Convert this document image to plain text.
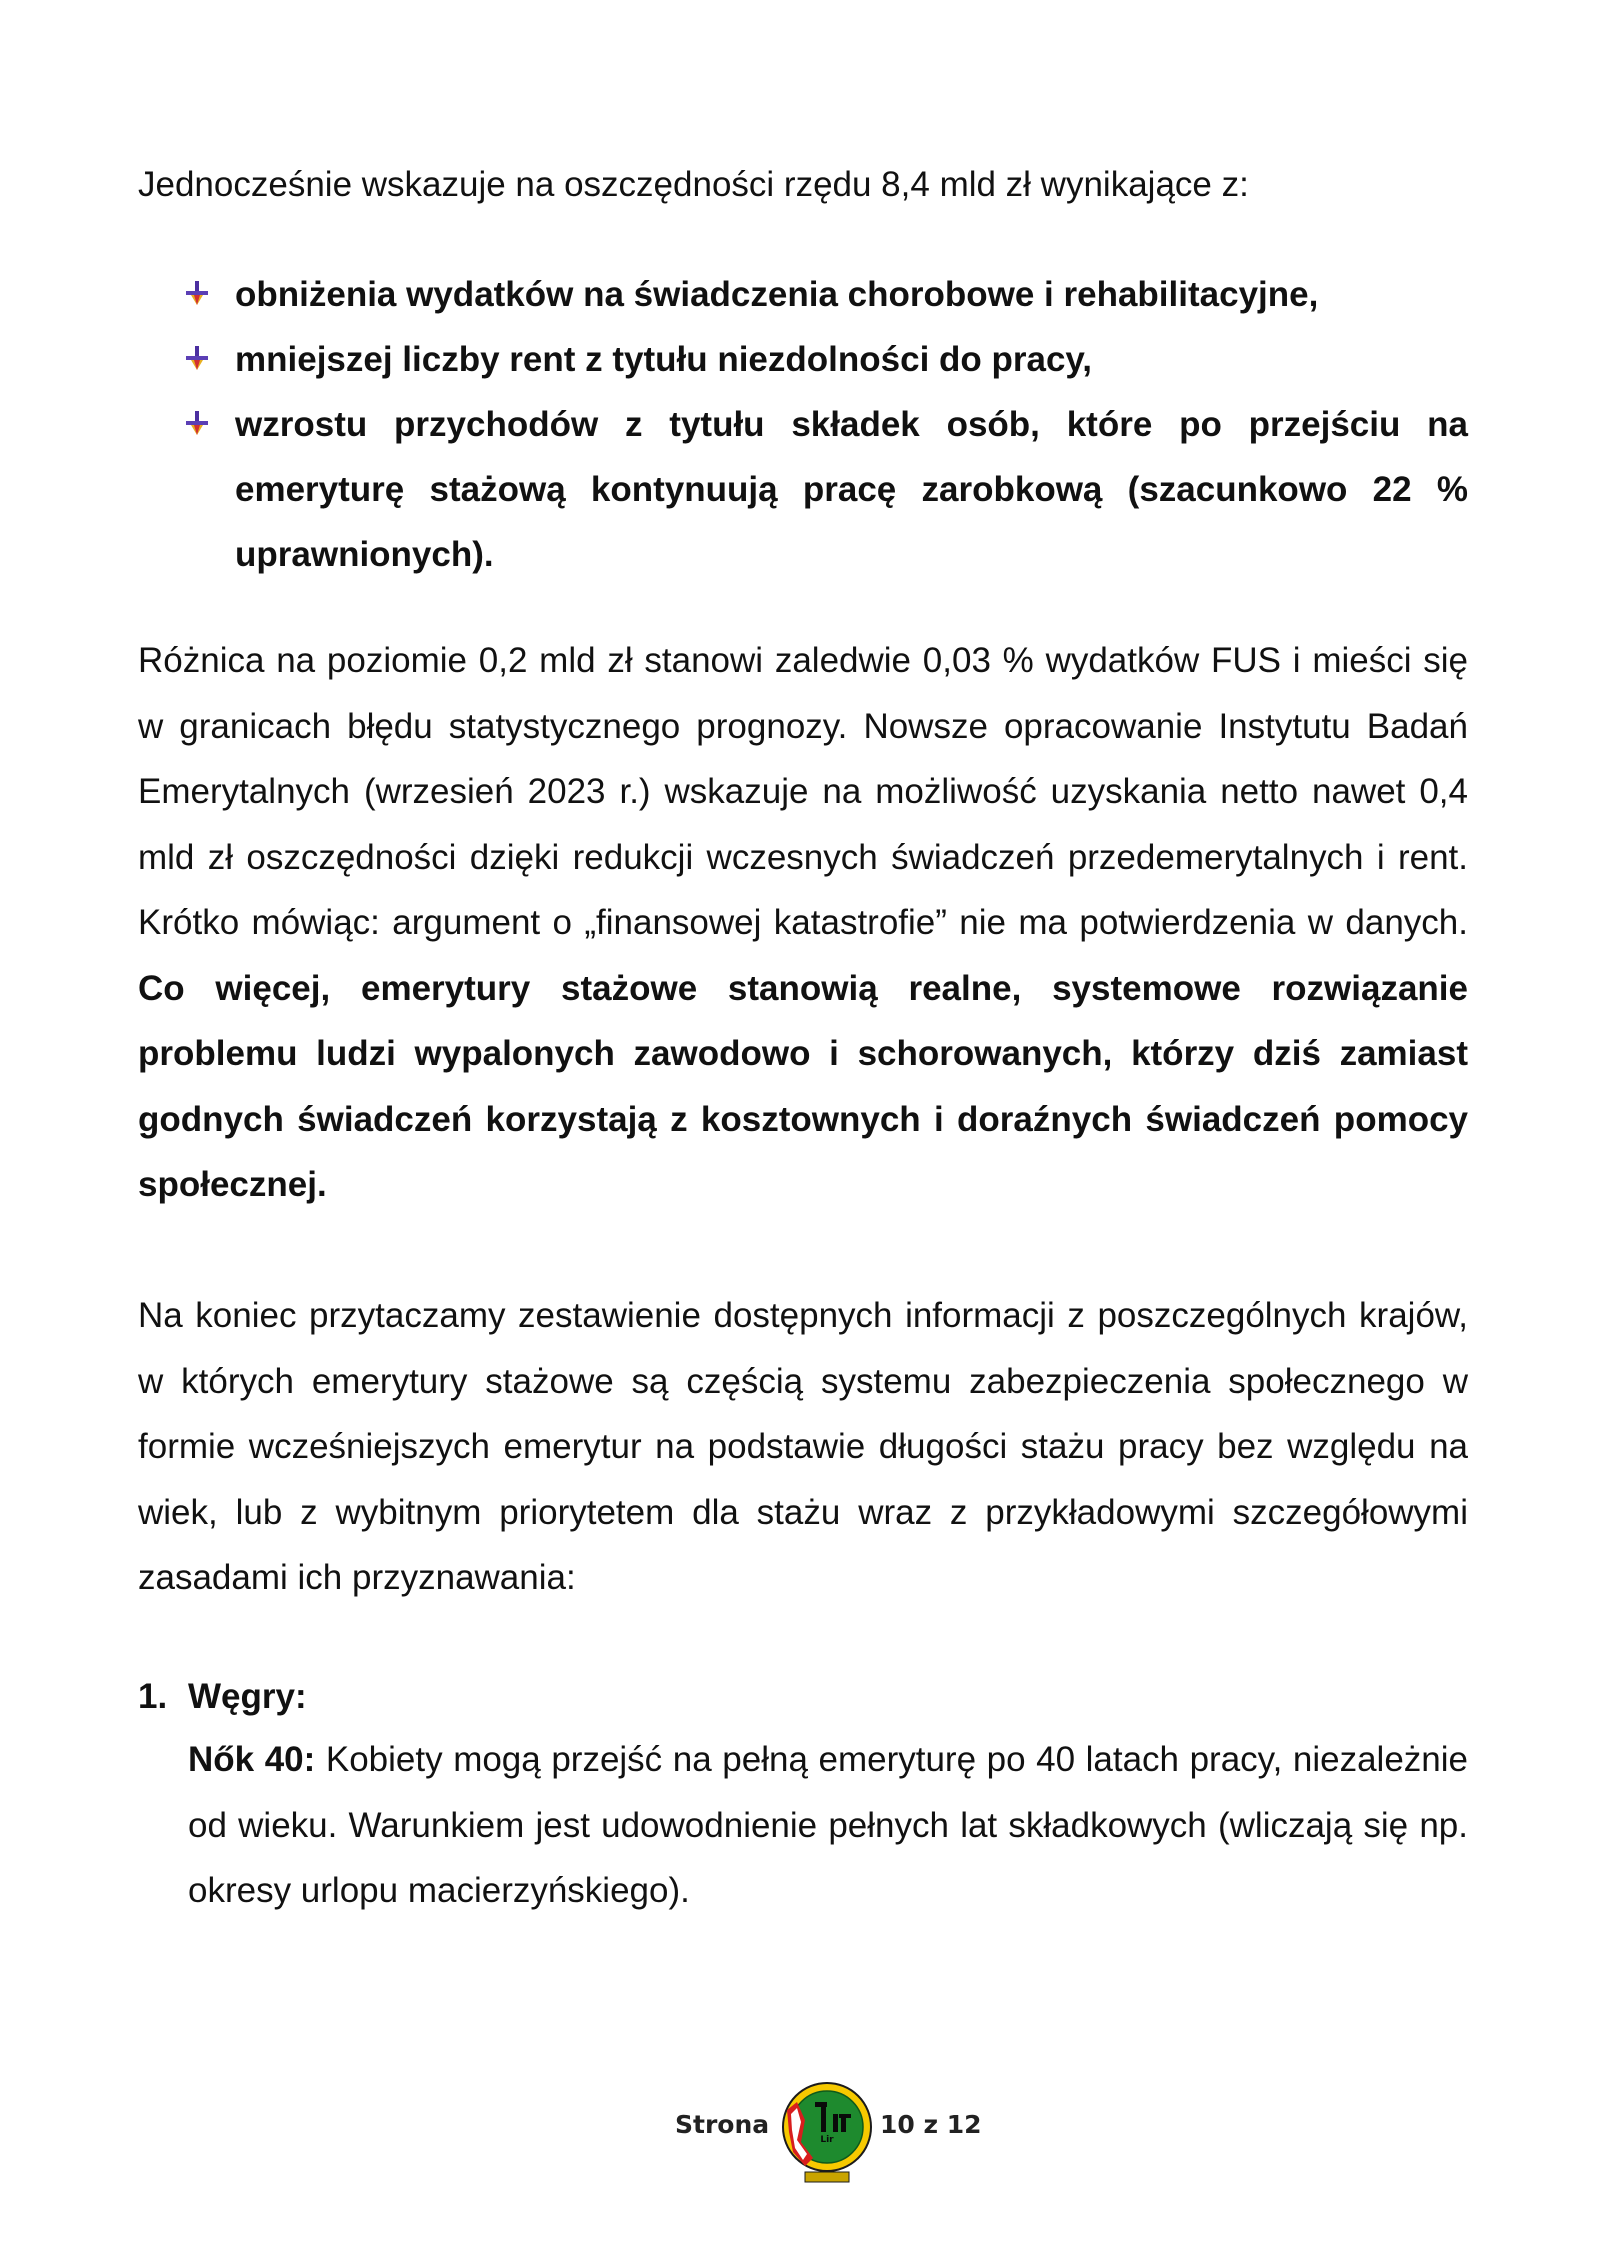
Jednocześnie wskazuje na oszczędności rzędu 8,4 mld zł wynikające z:

obniżenia wydatków na świadczenia chorobowe i rehabilitacyjne,
mniejszej liczby rent z tytułu niezdolności do pracy,
wzrostu przychodów z tytułu składek osób, które po przejściu na emeryturę stażową kontynuują pracę zarobkową (szacunkowo 22 % uprawnionych).

Różnica na poziomie 0,2 mld zł stanowi zaledwie 0,03 % wydatków FUS i mieści się w granicach błędu statystycznego prognozy. Nowsze opracowanie Instytutu Badań Emerytalnych (wrzesień 2023 r.) wskazuje na możliwość uzyskania netto nawet 0,4 mld zł oszczędności dzięki redukcji wczesnych świadczeń przedemerytalnych i rent. Krótko mówiąc: argument o „finansowej katastrofie” nie ma potwierdzenia w danych. Co więcej, emerytury stażowe stanowią realne, systemowe rozwiązanie problemu ludzi wypalonych zawodowo i schorowanych, którzy dziś zamiast godnych świadczeń korzystają z kosztownych i doraźnych świadczeń pomocy społecznej.

Na koniec przytaczamy zestawienie dostępnych informacji z poszczególnych krajów, w których emerytury stażowe są częścią systemu zabezpieczenia społecznego w formie wcześniejszych emerytur na podstawie długości stażu pracy bez względu na wiek, lub z wybitnym priorytetem dla stażu wraz z przykładowymi szczegółowymi zasadami ich przyznawania:

1. Węgry:

Nők 40: Kobiety mogą przejść na pełną emeryturę po 40 latach pracy, niezależnie od wieku. Warunkiem jest udowodnienie pełnych lat składkowych (wliczają się np. okresy urlopu macierzyńskiego).

Strona
Lir
10 z 12
